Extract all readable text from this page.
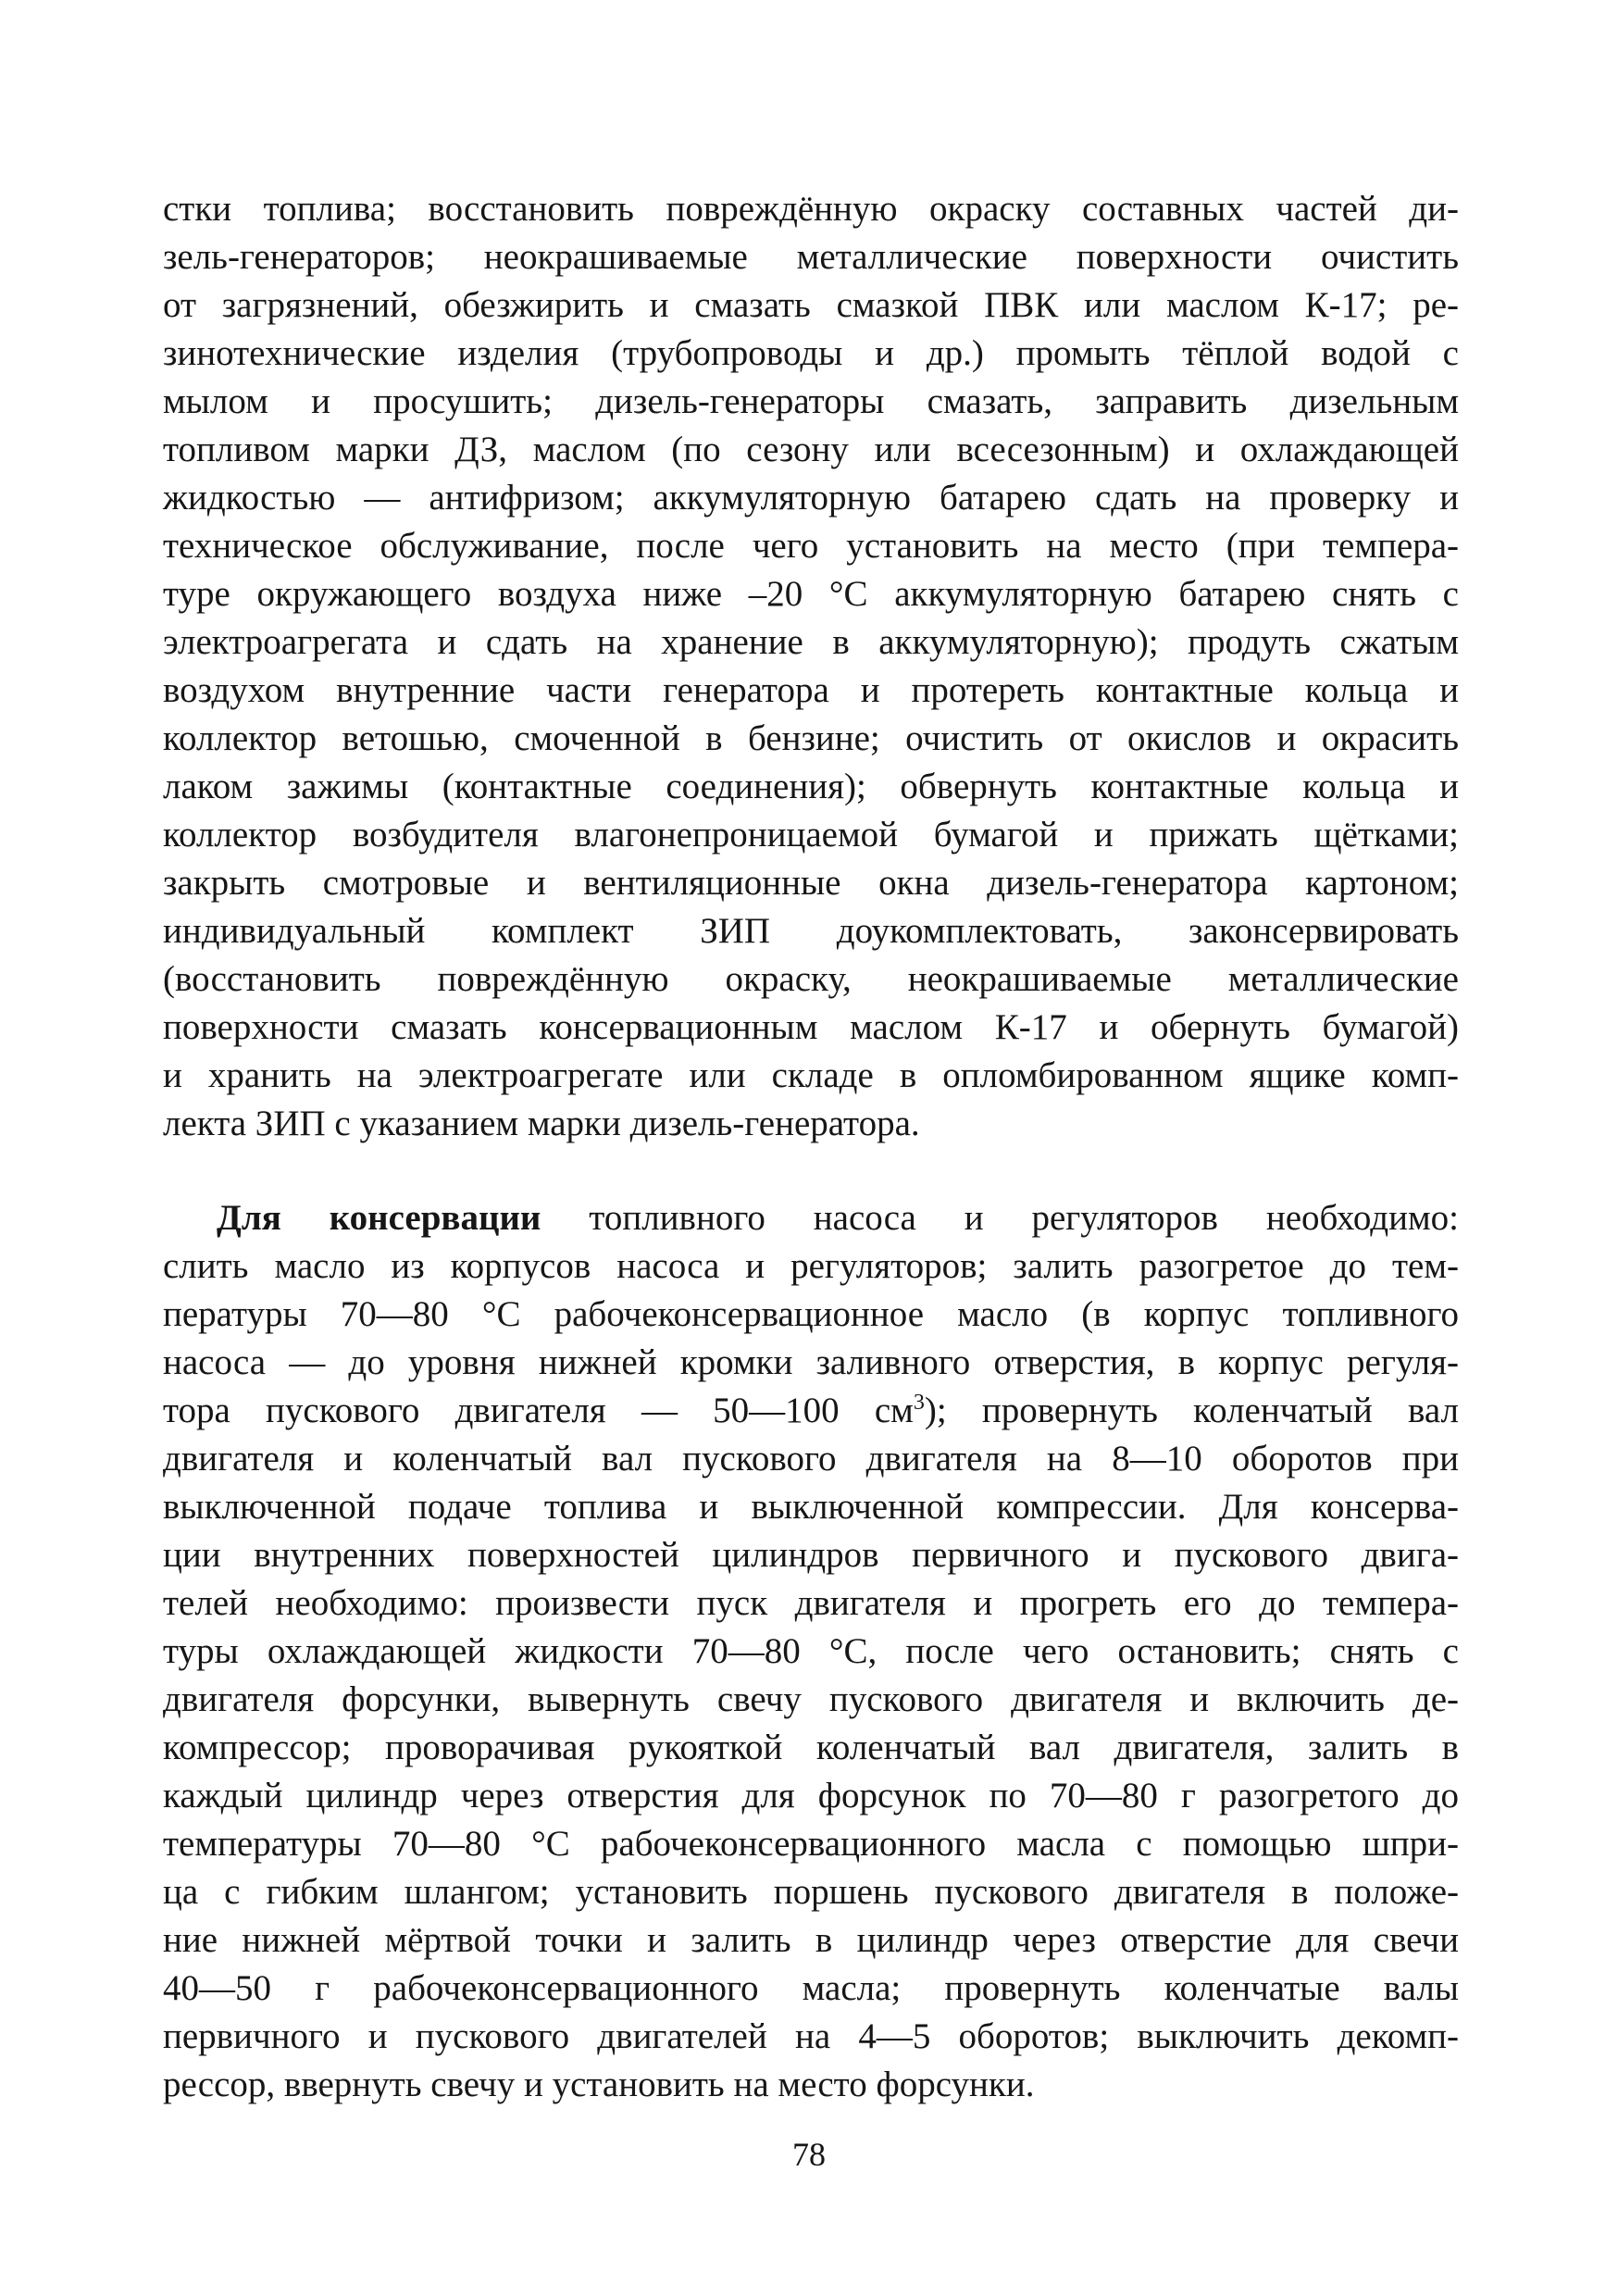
стки топлива; восстановить повреждённую окраску составных частей ди-
зель-генераторов; неокрашиваемые металлические поверхности очистить
от загрязнений, обезжирить и смазать смазкой ПВК или маслом К-17; ре-
зинотехнические изделия (трубопроводы и др.) промыть тёплой водой с
мылом и просушить; дизель-генераторы смазать, заправить дизельным
топливом марки ДЗ, маслом (по сезону или всесезонным) и охлаждающей
жидкостью — антифризом; аккумуляторную батарею сдать на проверку и
техническое обслуживание, после чего установить на место (при темпера-
туре окружающего воздуха ниже –20 °С аккумуляторную батарею снять с
электроагрегата и сдать на хранение в аккумуляторную); продуть сжатым
воздухом внутренние части генератора и протереть контактные кольца и
коллектор ветошью, смоченной в бензине; очистить от окислов и окрасить
лаком зажимы (контактные соединения); обвернуть контактные кольца и
коллектор возбудителя влагонепроницаемой бумагой и прижать щётками;
закрыть смотровые и вентиляционные окна дизель-генератора картоном;
индивидуальный комплект ЗИП доукомплектовать, законсервировать
(восстановить повреждённую окраску, неокрашиваемые металлические
поверхности смазать консервационным маслом К-17 и обернуть бумагой)
и хранить на электроагрегате или складе в опломбированном ящике комп-
лекта ЗИП с указанием марки дизель-генератора.
Для консервации топливного насоса и регуляторов необходимо:
слить масло из корпусов насоса и регуляторов; залить разогретое до тем-
пературы 70—80 °С рабочеконсервационное масло (в корпус топливного
насоса — до уровня нижней кромки заливного отверстия, в корпус регуля-
тора пускового двигателя — 50—100 $см^3$); провернуть коленчатый вал
двигателя и коленчатый вал пускового двигателя на 8—10 оборотов при
выключенной подаче топлива и выключенной компрессии. Для консерва-
ции внутренних поверхностей цилиндров первичного и пускового двига-
телей необходимо: произвести пуск двигателя и прогреть его до темпера-
туры охлаждающей жидкости 70—80 °С, после чего остановить; снять с
двигателя форсунки, вывернуть свечу пускового двигателя и включить де-
компрессор; проворачивая рукояткой коленчатый вал двигателя, залить в
каждый цилиндр через отверстия для форсунок по 70—80 г разогретого до
температуры 70—80 °С рабочеконсервационного масла с помощью шпри-
ца с гибким шлангом; установить поршень пускового двигателя в положе-
ние нижней мёртвой точки и залить в цилиндр через отверстие для свечи
40—50 г рабочеконсервационного масла; провернуть коленчатые валы
первичного и пускового двигателей на 4—5 оборотов; выключить декомп-
рессор, ввернуть свечу и установить на место форсунки.
78
